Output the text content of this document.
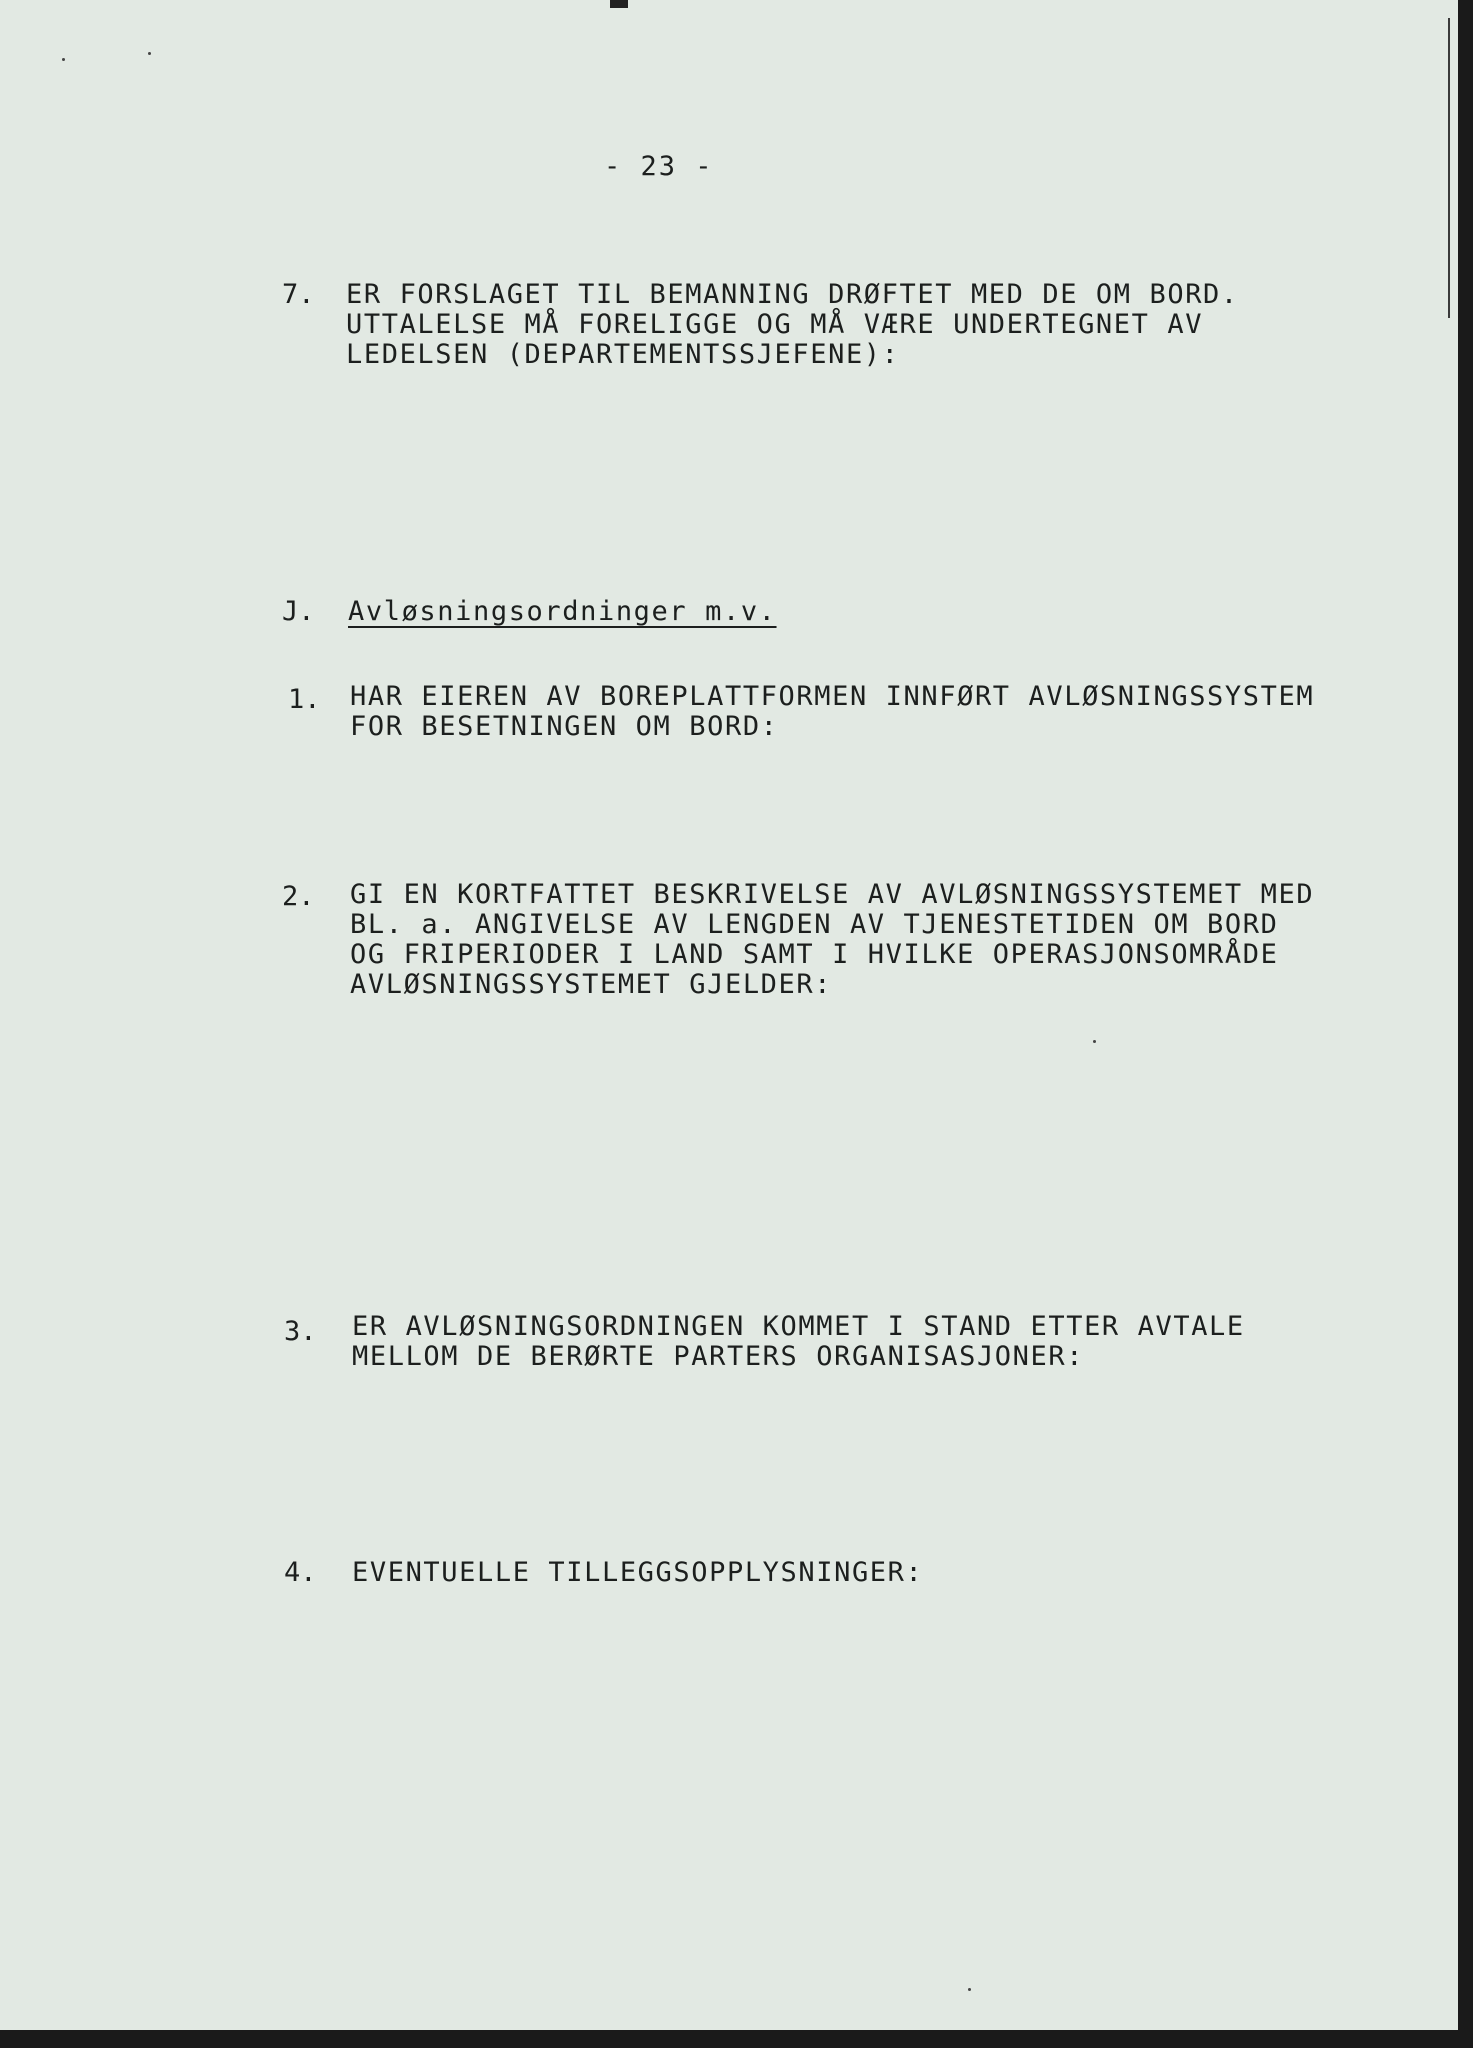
- 23 -
7. ER FORSLAGET TIL BEMANNING DRØFTET MED DE OM BORD.
UTTALELSE MÅ FORELIGGE OG MÅ VÆRE UNDERTEGNET AV
LEDELSEN (DEPARTEMENTSSJEFENE):
J. Avløsningsordninger m.v.
1. HAR EIEREN AV BOREPLATTFORMEN INNFØRT AVLØSNINGSSYSTEM
FOR BESETNINGEN OM BORD:
2. GI EN KORTFATTET BESKRIVELSE AV AVLØSNINGSSYSTEMET MED
BL. a. ANGIVELSE AV LENGDEN AV TJENESTETIDEN OM BORD
OG FRIPERIODER I LAND SAMT I HVILKE OPERASJONSOMRÅDE
AVLØSNINGSSYSTEMET GJELDER:
3. ER AVLØSNINGSORDNINGEN KOMMET I STAND ETTER AVTALE
MELLOM DE BERØRTE PARTERS ORGANISASJONER:
4. EVENTUELLE TILLEGGSOPPLYSNINGER:
